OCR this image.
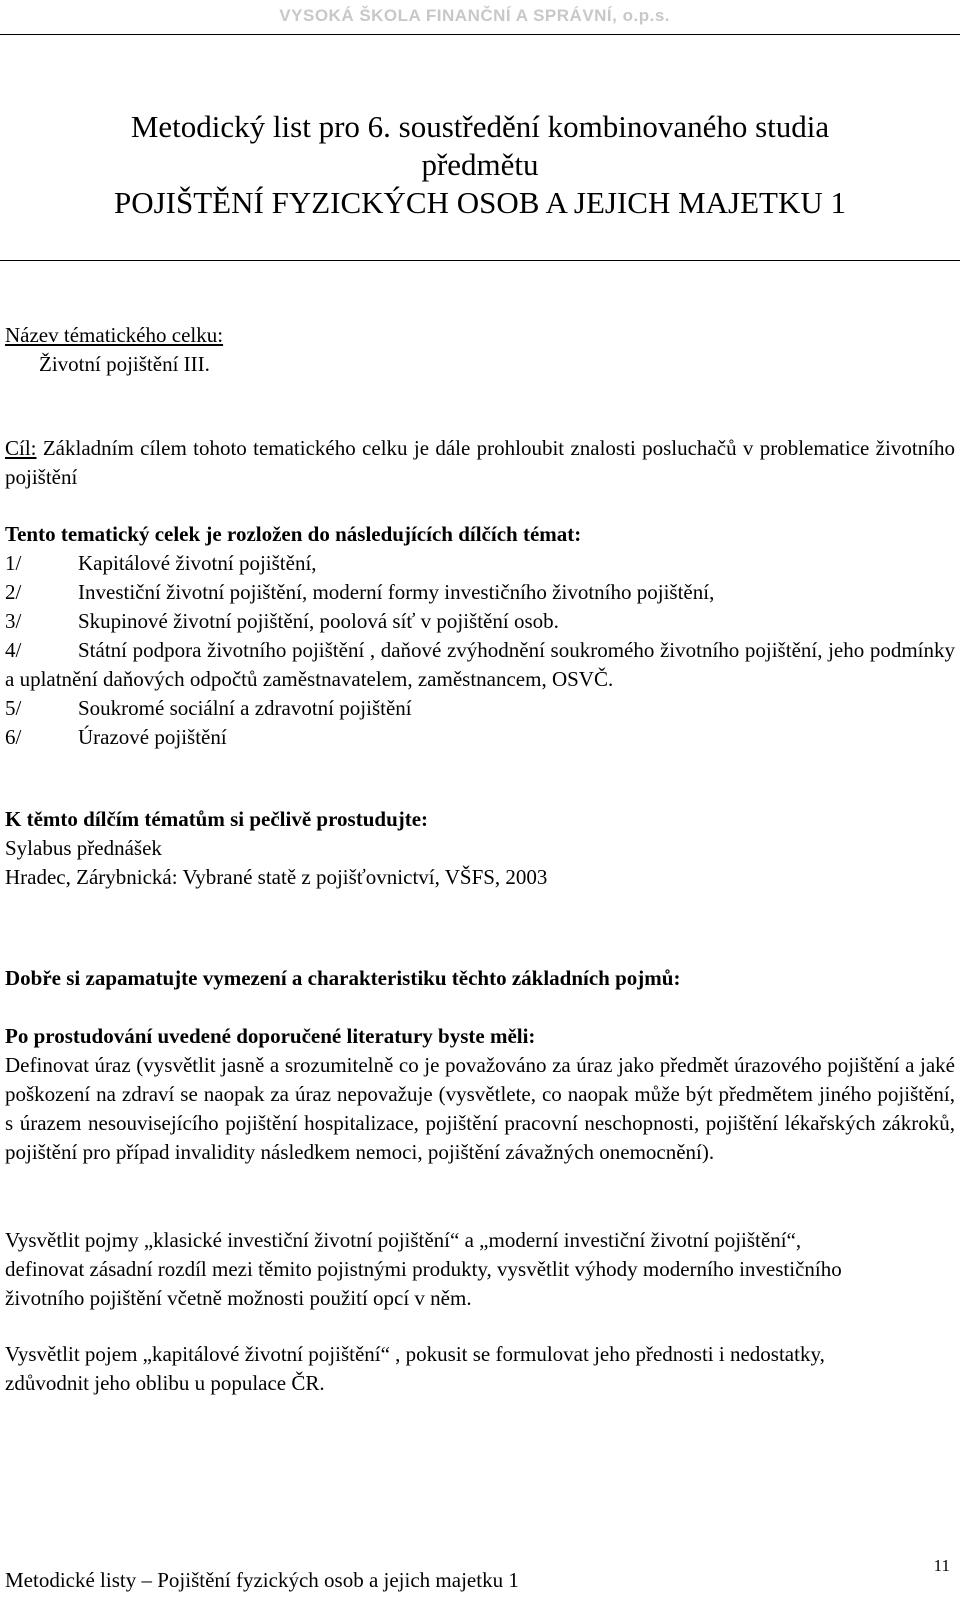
VYSOKÁ ŠKOLA FINANČNÍ A SPRÁVNÍ, o.p.s.
Metodický list pro 6. soustředění kombinovaného studia
předmětu
POJIŠTĚNÍ FYZICKÝCH OSOB A JEJICH MAJETKU 1
Název tématického celku:
Životní pojištění III.
Cíl: Základním cílem tohoto tematického celku je dále prohloubit znalosti posluchačů v problematice životního pojištění
Tento tematický celek je rozložen do následujících dílčích témat:
1/	Kapitálové životní pojištění,
2/	Investiční životní pojištění, moderní formy investičního životního pojištění,
3/	Skupinové životní pojištění, poolová síť v pojištění osob.
4/	Státní podpora životního pojištění , daňové zvýhodnění soukromého životního pojištění, jeho podmínky a uplatnění daňových odpočtů zaměstnavatelem, zaměstnancem, OSVČ.
5/	Soukromé sociální a zdravotní pojištění
6/	Úrazové pojištění
K těmto dílčím tématům si pečlivě prostudujte:
Sylabus přednášek
Hradec, Zárybnická: Vybrané statě z pojišťovnictví, VŠFS, 2003
Dobře si zapamatujte vymezení a charakteristiku těchto základních pojmů:
Po prostudování uvedené doporučené literatury byste měli:
Definovat úraz (vysvětlit jasně a srozumitelně co je považováno za úraz jako předmět úrazového pojištění a jaké poškození na zdraví se naopak za úraz nepovažuje (vysvětlete, co naopak může být předmětem jiného pojištění, s úrazem nesouvisejícího pojištění hospitalizace, pojištění pracovní neschopnosti, pojištění lékařských zákroků, pojištění pro případ invalidity následkem nemoci, pojištění závažných onemocnění).
Vysvětlit pojmy „klasické investiční životní pojištění“ a „moderní investiční životní pojištění“, definovat zásadní rozdíl mezi těmito pojistnými produkty, vysvětlit výhody moderního investičního životního pojištění včetně možnosti použití opcí v něm.
Vysvětlit pojem „kapitálové životní pojištění“ , pokusit se formulovat jeho přednosti i nedostatky, zdůvodnit jeho oblibu u populace ČR.
Metodické listy – Pojištění fyzických osob a jejich majetku 1
11
